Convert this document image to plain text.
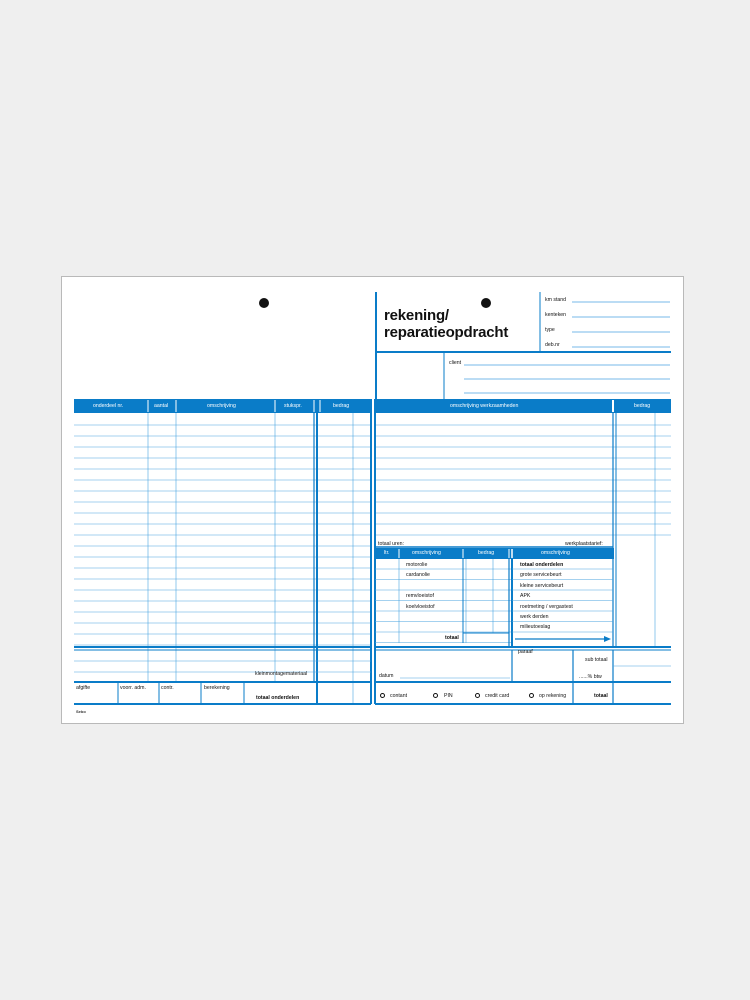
rekening/
reparatieopdracht
km stand
kenteken
type
deb.nr
client
onderdeel nr.	aantal	omschrijving	stukspr.	bedrag	omschrijving werkzaamheden	bedrag
totaal uren:	werkplaatstarief:
ltr.	omschrijving	bedrag
motorolie
cardanolie
remvloeistof
koelvloeistof
totaal
omschrijving
totaal onderdelen
grote servicebeurt
kleine servicebeurt
APK
roetmeting / vergastest
werk derden
milieutoeslag
kleinmontagemateriaal
afgifte	voorr. adm.	contr.	berekening
totaal onderdelen
paraaf
datum
sub totaal
......% btw
totaal
contant	PIN	credit card	op rekening
Sebo
